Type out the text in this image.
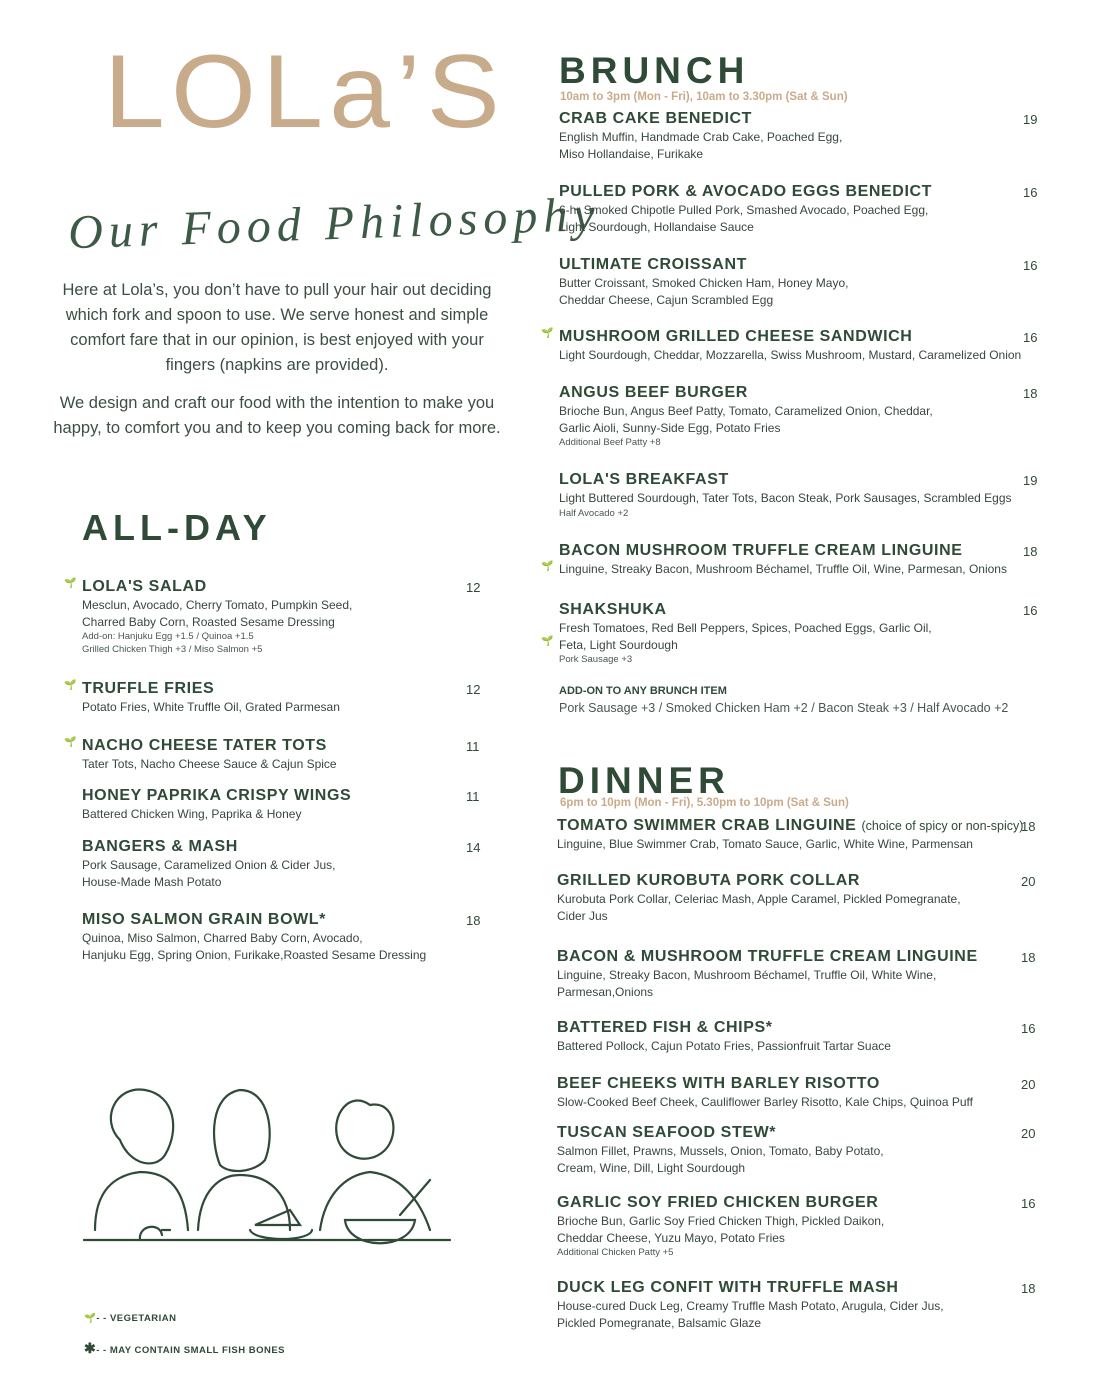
LOLa’S
Our Food Philosophy

Here at Lola’s, you don’t have to pull your hair out deciding which fork and spoon to use. We serve honest and simple comfort fare that in our opinion, is best enjoyed with your fingers (napkins are provided).

We design and craft our food with the intention to make you happy, to comfort you and to keep you coming back for more.

ALL-DAY
LOLA'S SALAD
Mesclun, Avocado, Cherry Tomato, Pumpkin Seed,
Charred Baby Corn, Roasted Sesame Dressing
Add-on: Hanjuku Egg +1.5 / Quinoa +1.5
Grilled Chicken Thigh +3 / Miso Salmon +5
12
🌱
TRUFFLE FRIES
Potato Fries, White Truffle Oil, Grated Parmesan
12
🌱
NACHO CHEESE TATER TOTS
Tater Tots, Nacho Cheese Sauce & Cajun Spice
11
🌱
HONEY PAPRIKA CRISPY WINGS
Battered Chicken Wing, Paprika & Honey
11
BANGERS & MASH
Pork Sausage, Caramelized Onion & Cider Jus,
House-Made Mash Potato
14
MISO SALMON GRAIN BOWL*
Quinoa, Miso Salmon, Charred Baby Corn, Avocado,
Hanjuku Egg, Spring Onion, Furikake,Roasted Sesame Dressing
18
BRUNCH
10am to 3pm (Mon - Fri), 10am to 3.30pm (Sat & Sun)
CRAB CAKE BENEDICT
English Muffin, Handmade Crab Cake, Poached Egg,
Miso Hollandaise, Furikake
19
PULLED PORK & AVOCADO EGGS BENEDICT
6-hr Smoked Chipotle Pulled Pork, Smashed Avocado, Poached Egg,
Light Sourdough, Hollandaise Sauce
16
ULTIMATE CROISSANT
Butter Croissant, Smoked Chicken Ham, Honey Mayo,
Cheddar Cheese, Cajun Scrambled Egg
16
MUSHROOM GRILLED CHEESE SANDWICH
Light Sourdough, Cheddar, Mozzarella, Swiss Mushroom, Mustard, Caramelized Onion
16
🌱
ANGUS BEEF BURGER
Brioche Bun, Angus Beef Patty, Tomato, Caramelized Onion, Cheddar,
Garlic Aioli, Sunny-Side Egg, Potato Fries
Additional Beef Patty +8
18
LOLA'S BREAKFAST
Light Buttered Sourdough, Tater Tots, Bacon Steak, Pork Sausages, Scrambled Eggs
Half Avocado +2
19
BACON MUSHROOM TRUFFLE CREAM LINGUINE
Linguine, Streaky Bacon, Mushroom Béchamel, Truffle Oil, Wine, Parmesan, Onions
18
🌱
SHAKSHUKA
Fresh Tomatoes, Red Bell Peppers, Spices, Poached Eggs, Garlic Oil,
Feta, Light Sourdough
Pork Sausage +3
16
🌱
ADD-ON TO ANY BRUNCH ITEM
Pork Sausage +3 / Smoked Chicken Ham +2 / Bacon Steak +3 / Half Avocado +2
DINNER
6pm to 10pm (Mon - Fri), 5.30pm to 10pm (Sat & Sun)
TOMATO SWIMMER CRAB LINGUINE (choice of spicy or non-spicy)
Linguine, Blue Swimmer Crab, Tomato Sauce, Garlic, White Wine, Parmensan
18
GRILLED KUROBUTA PORK COLLAR
Kurobuta Pork Collar, Celeriac Mash, Apple Caramel, Pickled Pomegranate,
Cider Jus
20
BACON & MUSHROOM TRUFFLE CREAM LINGUINE
Linguine, Streaky Bacon, Mushroom Béchamel, Truffle Oil, White Wine,
Parmesan,Onions
18
BATTERED FISH & CHIPS*
Battered Pollock, Cajun Potato Fries, Passionfruit Tartar Suace
16
BEEF CHEEKS WITH BARLEY RISOTTO
Slow-Cooked Beef Cheek, Cauliflower Barley Risotto, Kale Chips, Quinoa Puff
20
TUSCAN SEAFOOD STEW*
Salmon Fillet, Prawns, Mussels, Onion, Tomato, Baby Potato,
Cream, Wine, Dill, Light Sourdough
20
GARLIC SOY FRIED CHICKEN BURGER
Brioche Bun, Garlic Soy Fried Chicken Thigh, Pickled Daikon,
Cheddar Cheese, Yuzu Mayo, Potato Fries
Additional Chicken Patty +5
16
DUCK LEG CONFIT WITH TRUFFLE MASH
House-cured Duck Leg, Creamy Truffle Mash Potato, Arugula, Cider Jus,
Pickled Pomegranate, Balsamic Glaze
18
🌱- - VEGETARIAN
✱- - MAY CONTAIN SMALL FISH BONES
